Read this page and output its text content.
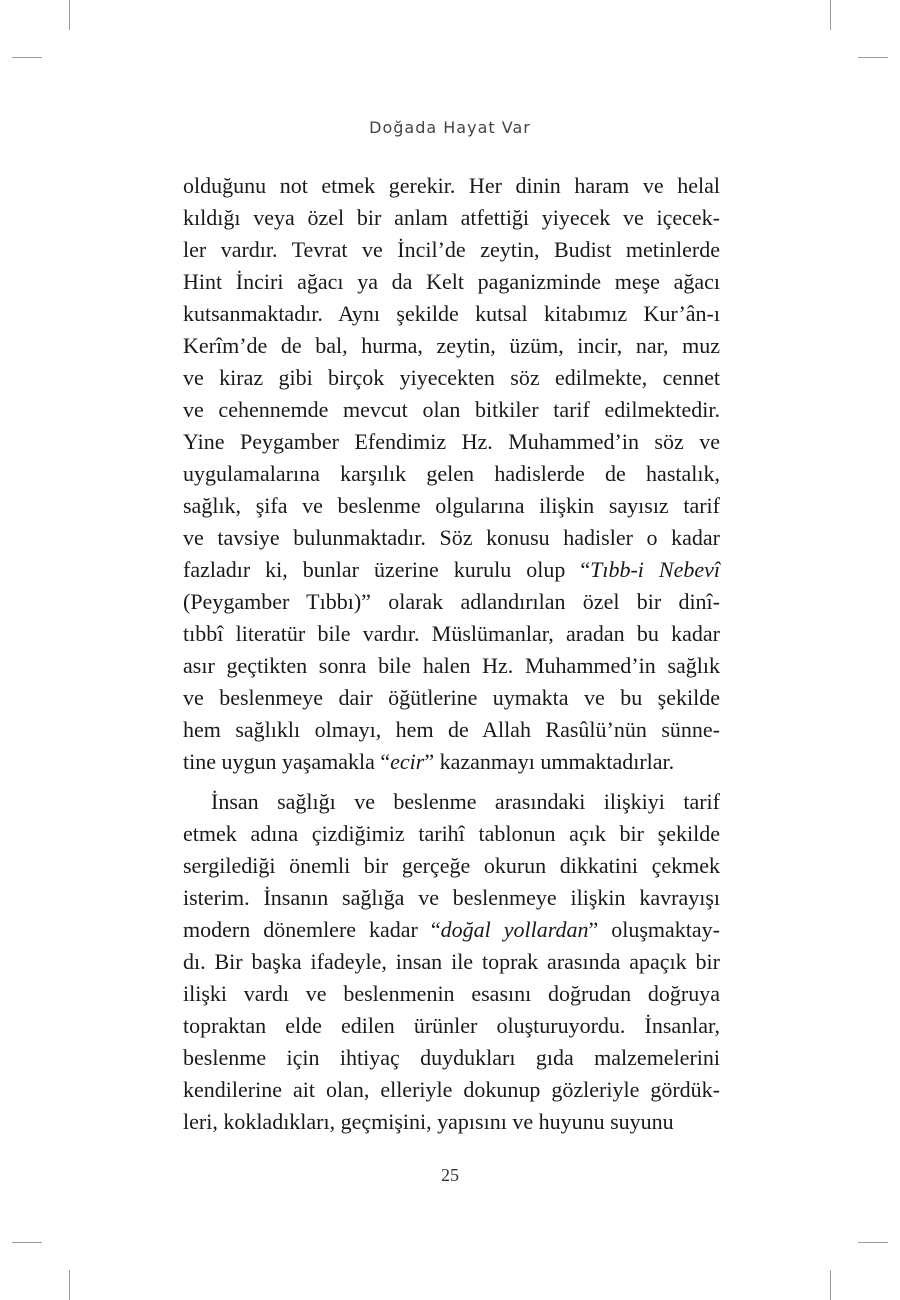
Doğada Hayat Var
olduğunu not etmek gerekir. Her dinin haram ve helal
kıldığı veya özel bir anlam atfettiği yiyecek ve içecek-
ler vardır. Tevrat ve İncil’de zeytin, Budist metinlerde
Hint İnciri ağacı ya da Kelt paganizminde meşe ağacı
kutsanmaktadır. Aynı şekilde kutsal kitabımız Kur’ân-ı
Kerîm’de de bal, hurma, zeytin, üzüm, incir, nar, muz
ve kiraz gibi birçok yiyecekten söz edilmekte, cennet
ve cehennemde mevcut olan bitkiler tarif edilmektedir.
Yine Peygamber Efendimiz Hz. Muhammed’in söz ve
uygulamalarına karşılık gelen hadislerde de hastalık,
sağlık, şifa ve beslenme olgularına ilişkin sayısız tarif
ve tavsiye bulunmaktadır. Söz konusu hadisler o kadar
fazladır ki, bunlar üzerine kurulu olup “Tıbb-i Nebevî
(Peygamber Tıbbı)” olarak adlandırılan özel bir dinî-
tıbbî literatür bile vardır. Müslümanlar, aradan bu kadar
asır geçtikten sonra bile halen Hz. Muhammed’in sağlık
ve beslenmeye dair öğütlerine uymakta ve bu şekilde
hem sağlıklı olmayı, hem de Allah Rasûlü’nün sünne-
tine uygun yaşamakla “ecir” kazanmayı ummaktadırlar.
İnsan sağlığı ve beslenme arasındaki ilişkiyi tarif
etmek adına çizdiğimiz tarihî tablonun açık bir şekilde
sergilediği önemli bir gerçeğe okurun dikkatini çekmek
isterim. İnsanın sağlığa ve beslenmeye ilişkin kavrayışı
modern dönemlere kadar “doğal yollardan” oluşmaktay-
dı. Bir başka ifadeyle, insan ile toprak arasında apaçık bir
ilişki vardı ve beslenmenin esasını doğrudan doğruya
topraktan elde edilen ürünler oluşturuyordu. İnsanlar,
beslenme için ihtiyaç duydukları gıda malzemelerini
kendilerine ait olan, elleriyle dokunup gözleriyle gördük-
leri, kokladıkları, geçmişini, yapısını ve huyunu suyunu
25
